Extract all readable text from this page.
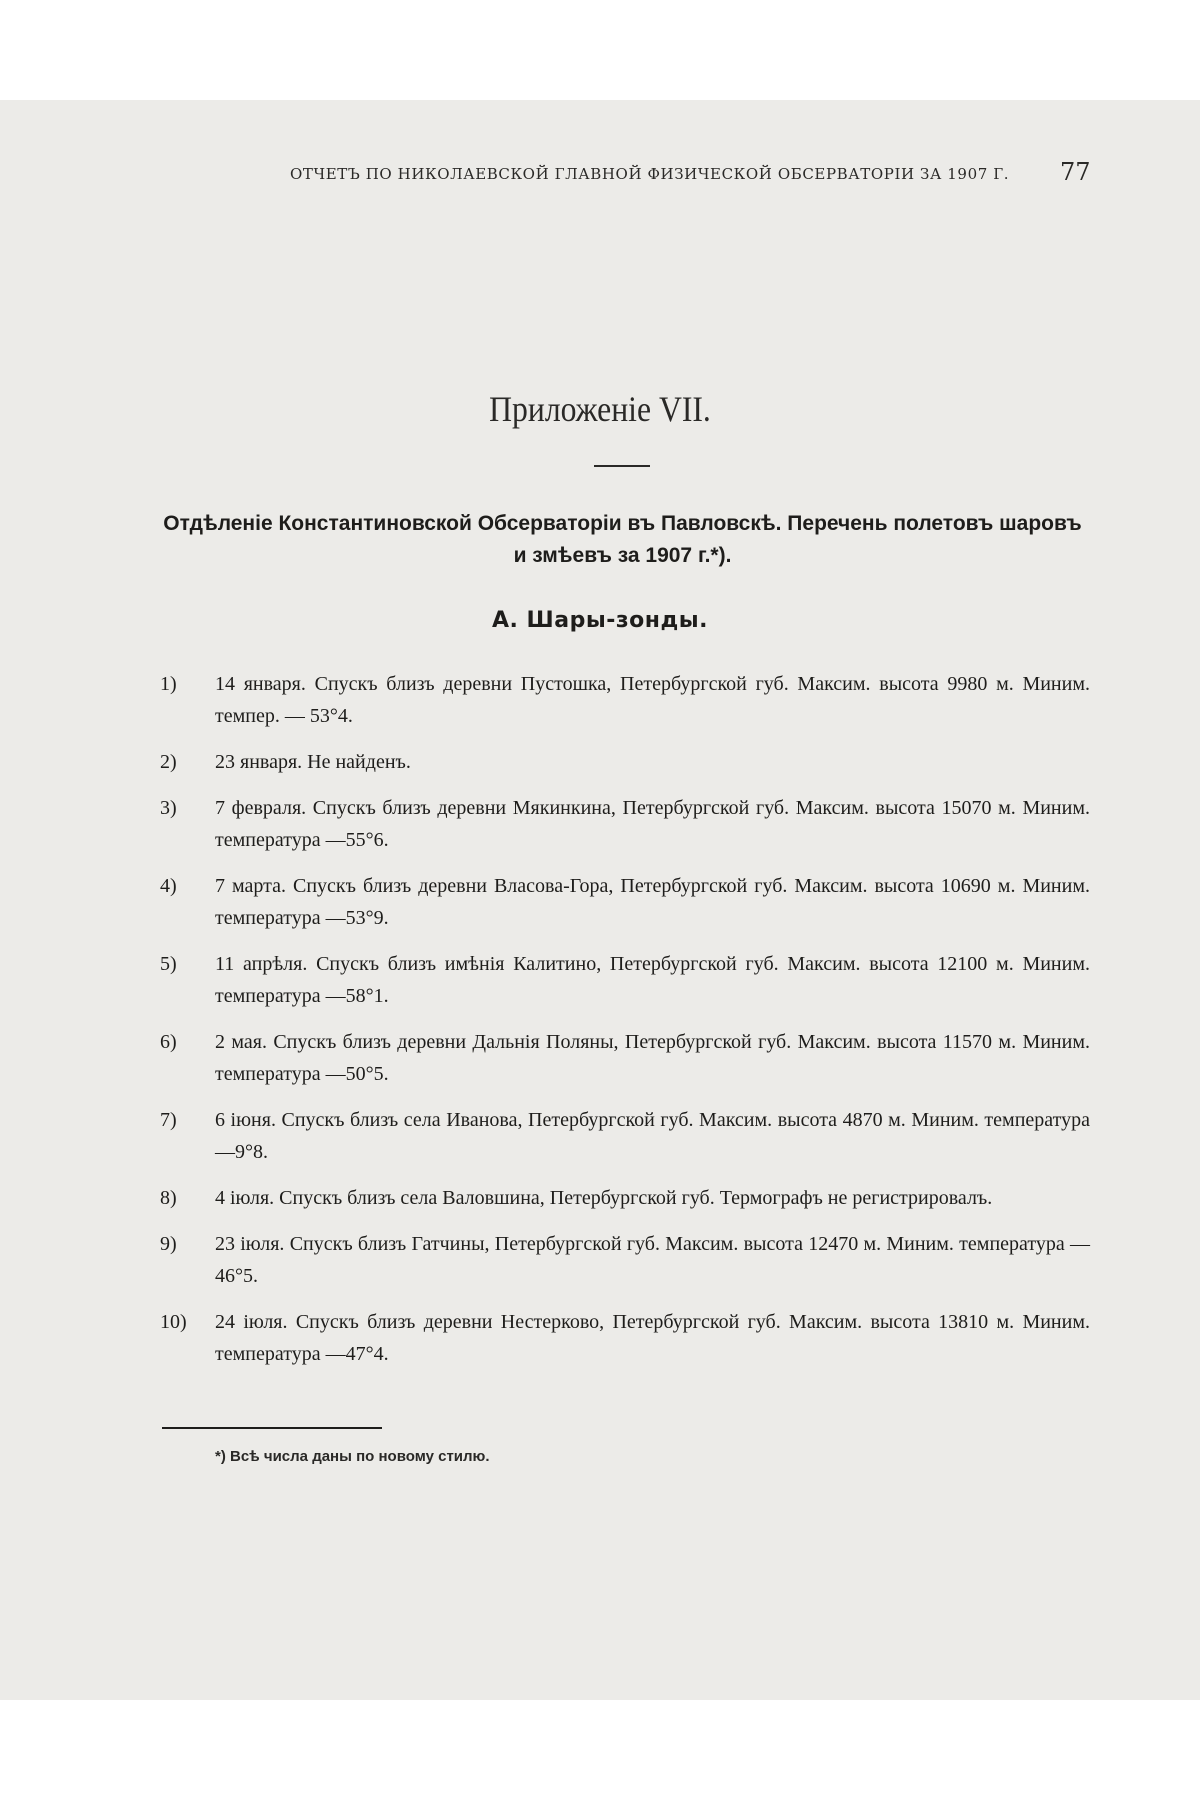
ОТЧЕТЪ ПО НИКОЛАЕВСКОЙ ГЛАВНОЙ ФИЗИЧЕСКОЙ ОБСЕРВАТОРІИ ЗА 1907 Г. 77
Приложеніе VII.
Отдѣленіе Константиновской Обсерваторіи въ Павловскѣ. Перечень полетовъ шаровъ
и змѣевъ за 1907 г.*).
А. Шары-зонды.
1)	14 января. Спускъ близъ деревни Пустошка, Петербургской губ. Максим. высота 9980 м. Миним. темпер. — 53°4.
2)	23 января. Не найденъ.
3)	7 февраля. Спускъ близъ деревни Мякинкина, Петербургской губ. Максим. высота 15070 м. Миним. температура —55°6.
4)	7 марта. Спускъ близъ деревни Власова-Гора, Петербургской губ. Максим. высота 10690 м. Миним. температура —53°9.
5)	11 апрѣля. Спускъ близъ имѣнія Калитино, Петербургской губ. Максим. высота 12100 м. Миним. температура —58°1.
6)	2 мая. Спускъ близъ деревни Дальнія Поляны, Петербургской губ. Максим. высота 11570 м. Миним. температура —50°5.
7)	6 іюня. Спускъ близъ села Иванова, Петербургской губ. Максим. высота 4870 м. Миним. температура —9°8.
8)	4 іюля. Спускъ близъ села Валовшина, Петербургской губ. Термографъ не регистрировалъ.
9)	23 іюля. Спускъ близъ Гатчины, Петербургской губ. Максим. высота 12470 м. Миним. температура —46°5.
10)	24 іюля. Спускъ близъ деревни Нестерково, Петербургской губ. Максим. высота 13810 м. Миним. температура —47°4.
*) Всѣ числа даны по новому стилю.
